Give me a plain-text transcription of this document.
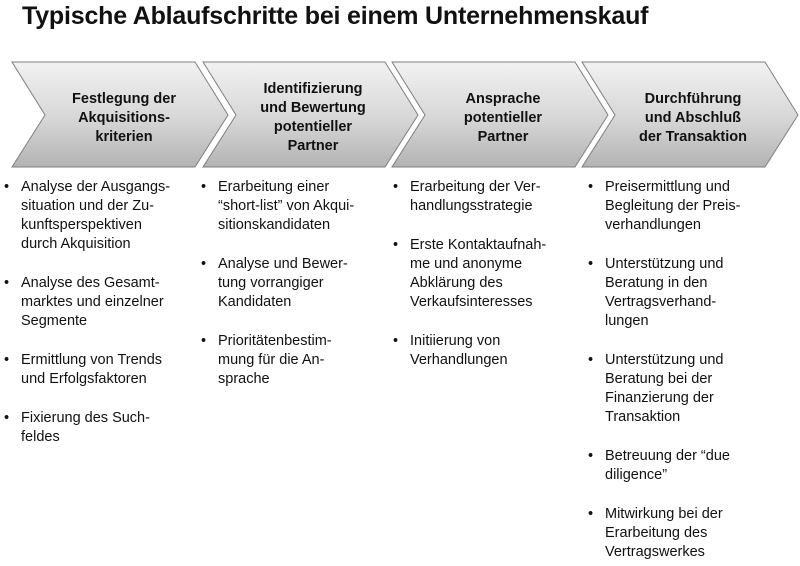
Typische Ablaufschritte bei einem Unternehmenskauf
Festlegung der
Akquisitions-
kriterien
Identifizierung
und Bewertung
potentieller
Partner
Ansprache
potentieller
Partner
Durchführung
und Abschluß
der Transaktion
• Analyse der Ausgangs-
situation und der Zu-
kunftsperspektiven
durch Akquisition
• Analyse des Gesamt-
marktes und einzelner
Segmente
• Ermittlung von Trends
und Erfolgsfaktoren
• Fixierung des Such-
feldes
• Erarbeitung einer
“short-list” von Akqui-
sitionskandidaten
• Analyse und Bewer-
tung vorrangiger
Kandidaten
• Prioritätenbestim-
mung für die An-
sprache
• Erarbeitung der Ver-
handlungsstrategie
• Erste Kontaktaufnah-
me und anonyme
Abklärung des
Verkaufsinteresses
• Initiierung von
Verhandlungen
• Preisermittlung und
Begleitung der Preis-
verhandlungen
• Unterstützung und
Beratung in den
Vertragsverhand-
lungen
• Unterstützung und
Beratung bei der
Finanzierung der
Transaktion
• Betreuung der “due
diligence”
• Mitwirkung bei der
Erarbeitung des
Vertragswerkes
